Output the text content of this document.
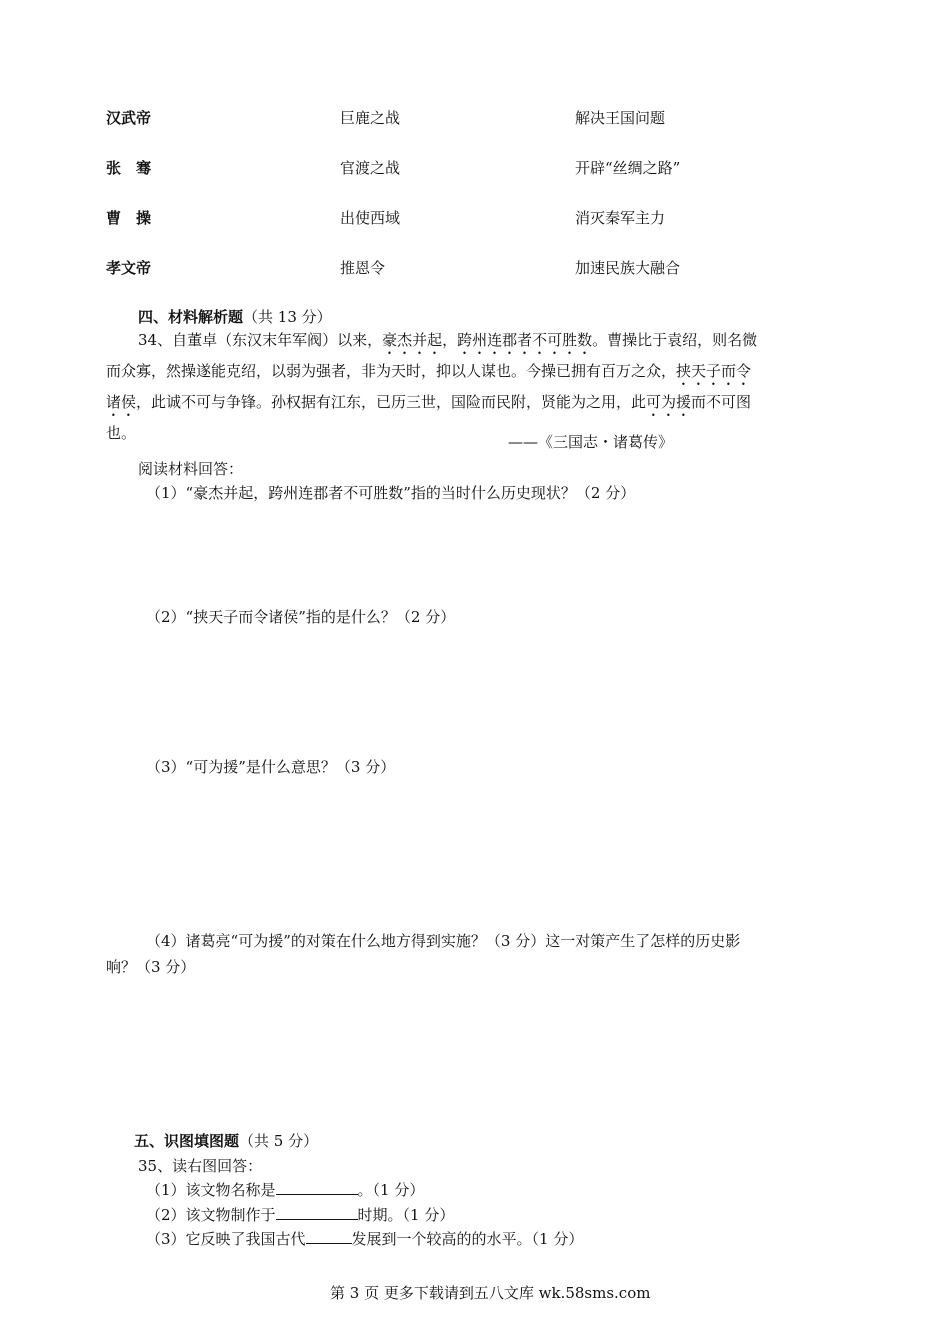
汉武帝	巨鹿之战	解决王国问题
张　骞	官渡之战	开辟“丝绸之路”
曹　操	出使西域	消灭秦军主力
孝文帝	推恩令	加速民族大融合
四、材料解析题（共 13 分）
34、自董卓（东汉末年军阀）以来，豪杰并起，跨州连郡者不可胜数。曹操比于袁绍，则名微
而众寡，然操遂能克绍，以弱为强者，非为天时，抑以人谋也。今操已拥有百万之众，挟天子而令
诸侯，此诚不可与争锋。孙权据有江东，已历三世，国险而民附，贤能为之用，此可为援而不可图
也。	——《三国志・诸葛传》
阅读材料回答：
（1）“豪杰并起，跨州连郡者不可胜数”指的当时什么历史现状？（2 分）
（2）“挟天子而令诸侯”指的是什么？（2 分）
（3）“可为援”是什么意思？（3 分）
（4）诸葛亮“可为援”的对策在什么地方得到实施？（3 分）这一对策产生了怎样的历史影
响？（3 分）
五、识图填图题（共 5 分）
35、读右图回答：
（1）该文物名称是	。（1 分）
（2）该文物制作于	时期。（1 分）
（3）它反映了我国古代	发展到一个较高的的水平。（1 分）
第 3 页 更多下载请到五八文库 wk.58sms.com
